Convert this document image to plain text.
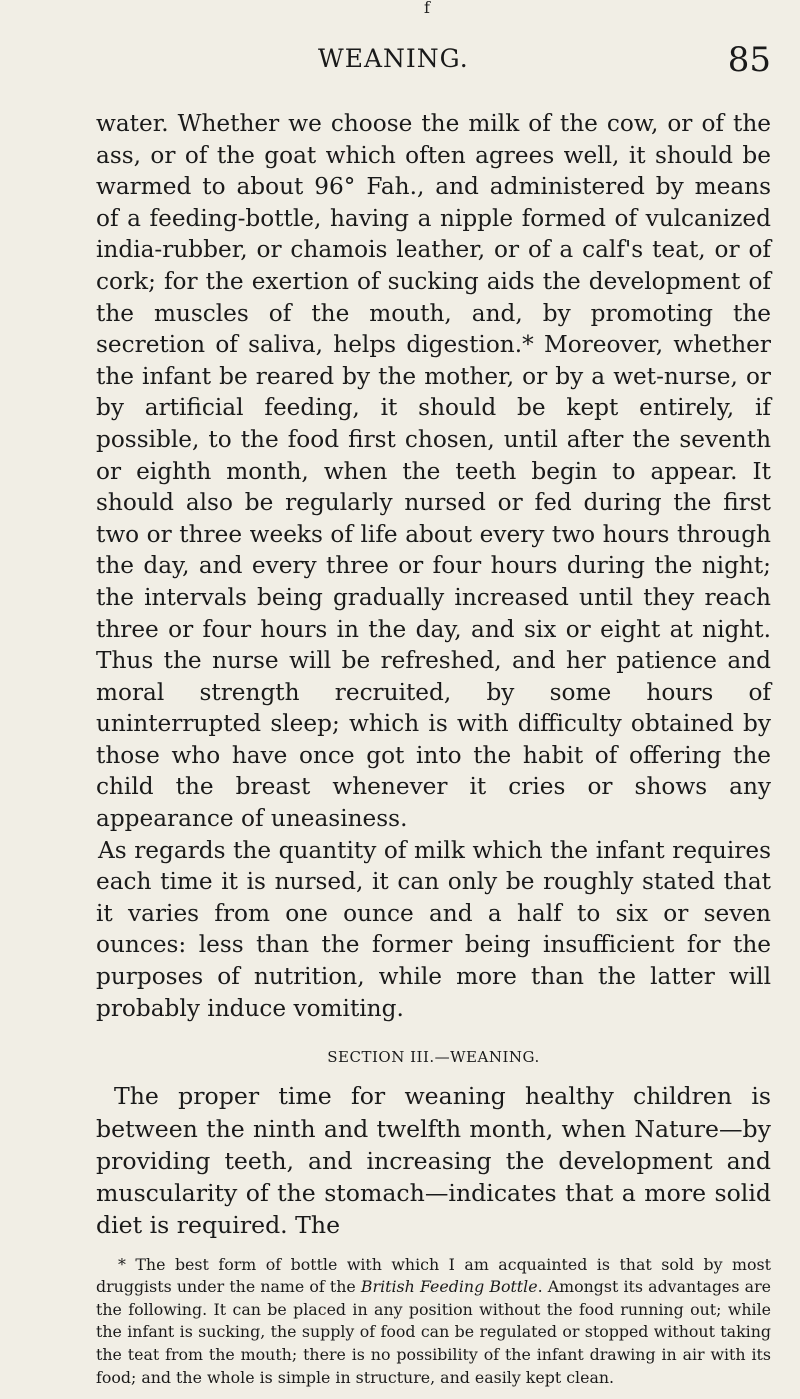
f
WEANING.	85

water. Whether we choose the milk of the cow, or of the ass, or of the goat which often agrees well, it should be warmed to about 96° Fah., and administered by means of a feeding-bottle, having a nipple formed of vulcanized india-rubber, or chamois leather, or of a calf's teat, or of cork; for the exertion of sucking aids the development of the muscles of the mouth, and, by promoting the secretion of saliva, helps digestion.* Moreover, whether the infant be reared by the mother, or by a wet-nurse, or by artificial feeding, it should be kept entirely, if possible, to the food first chosen, until after the seventh or eighth month, when the teeth begin to appear. It should also be regularly nursed or fed during the first two or three weeks of life about every two hours through the day, and every three or four hours during the night; the intervals being gradually increased until they reach three or four hours in the day, and six or eight at night. Thus the nurse will be refreshed, and her patience and moral strength recruited, by some hours of uninterrupted sleep; which is with difficulty obtained by those who have once got into the habit of offering the child the breast whenever it cries or shows any appearance of uneasiness.

As regards the quantity of milk which the infant requires each time it is nursed, it can only be roughly stated that it varies from one ounce and a half to six or seven ounces: less than the former being insufficient for the purposes of nutrition, while more than the latter will probably induce vomiting.

SECTION III.—WEANING.

The proper time for weaning healthy children is between the ninth and twelfth month, when Nature—by providing teeth, and increasing the development and muscularity of the stomach—indicates that a more solid diet is required. The

* The best form of bottle with which I am acquainted is that sold by most druggists under the name of the British Feeding Bottle. Amongst its advantages are the following. It can be placed in any position without the food running out; while the infant is sucking, the supply of food can be regulated or stopped without taking the teat from the mouth; there is no possibility of the infant drawing in air with its food; and the whole is simple in structure, and easily kept clean.
